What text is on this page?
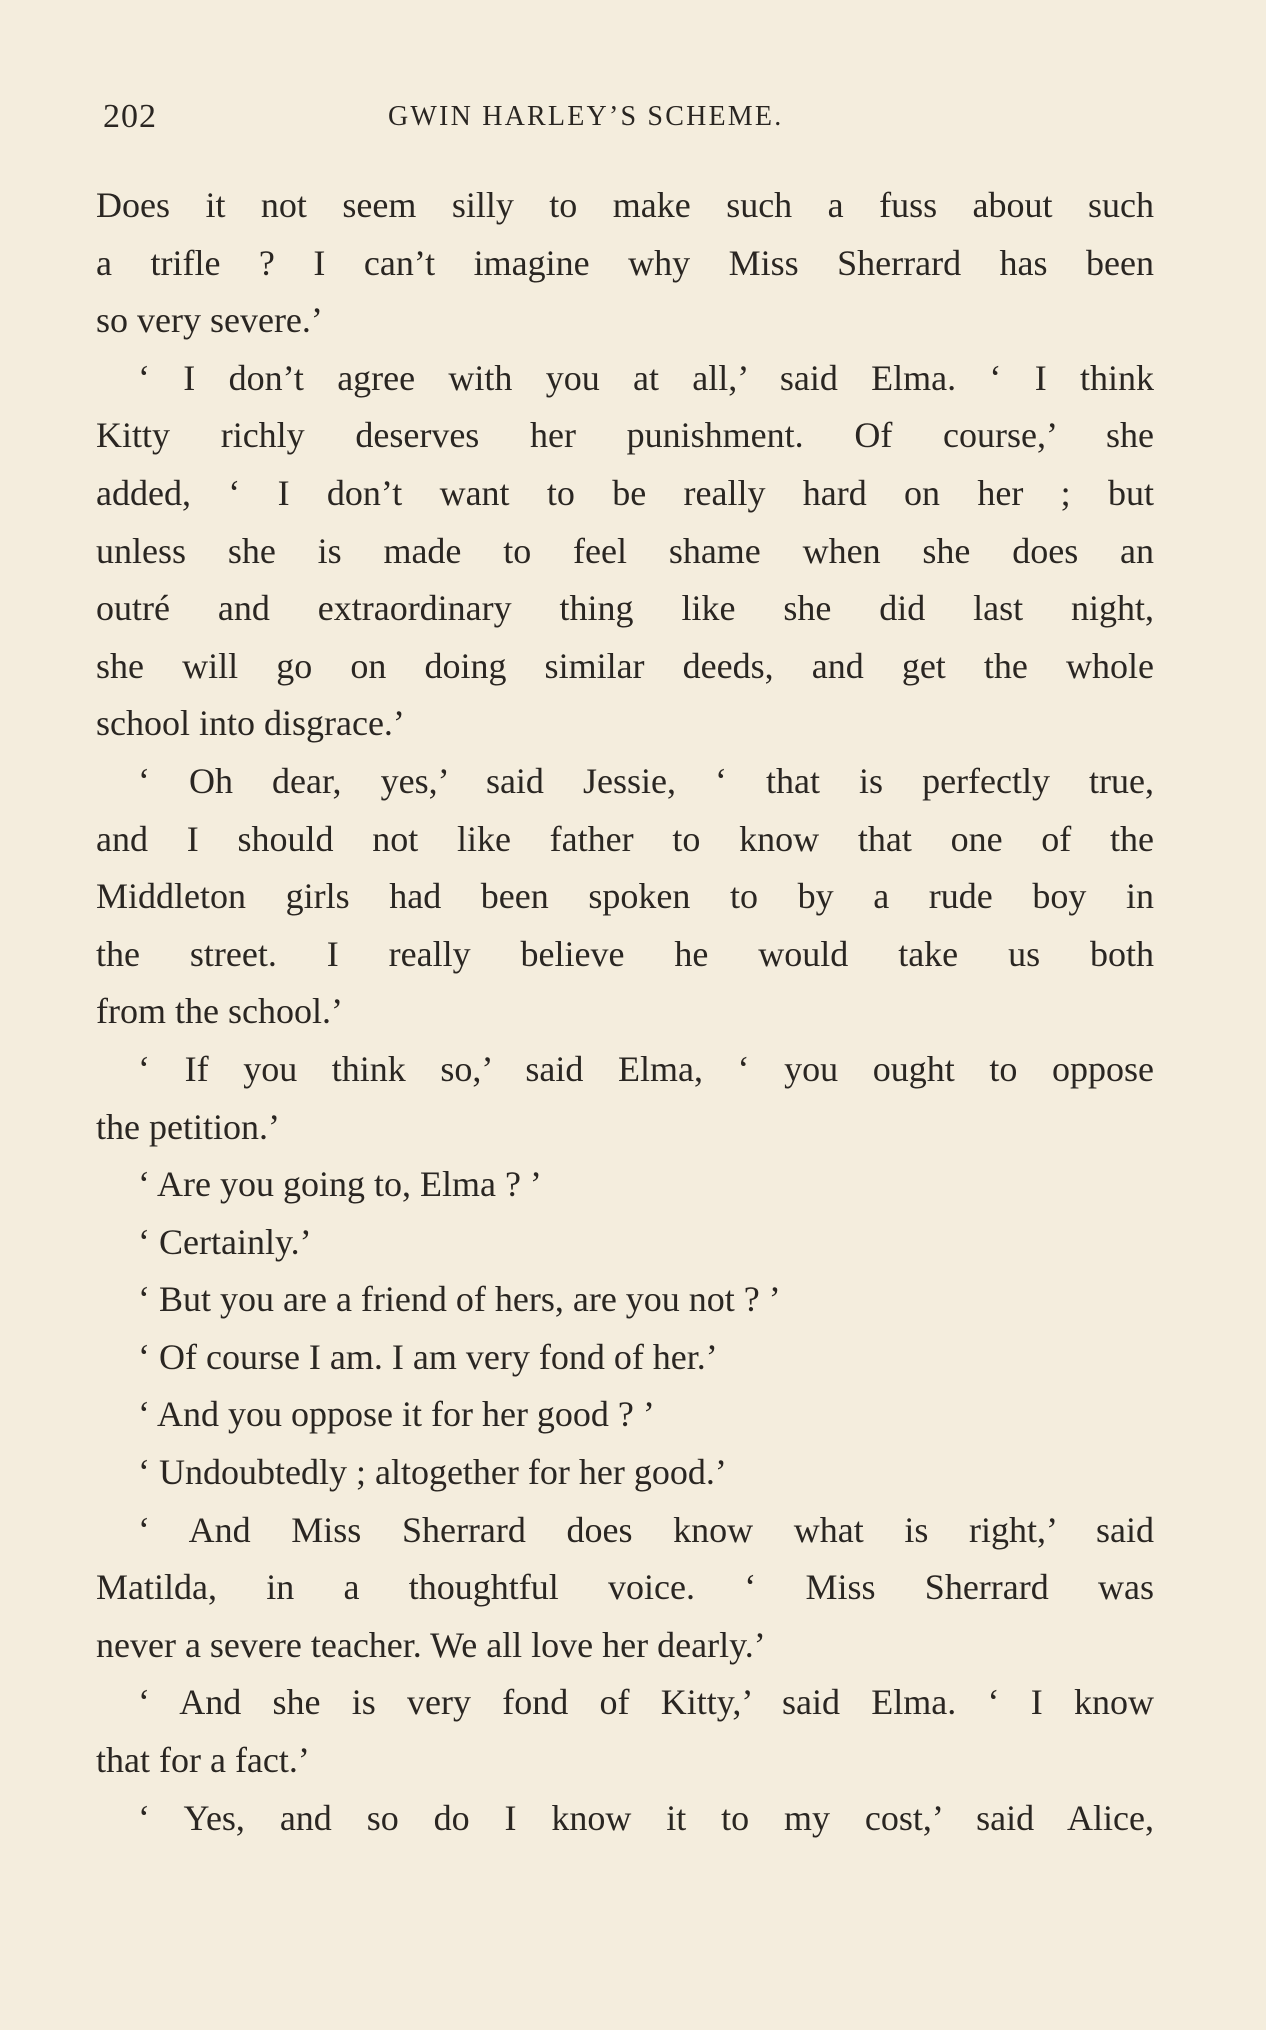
202	GWIN HARLEY’S SCHEME.
Does it not seem silly to make such a fuss about such
a trifle ? I can’t imagine why Miss Sherrard has been
so very severe.’
‘ I don’t agree with you at all,’ said Elma. ‘ I think
Kitty richly deserves her punishment. Of course,’ she
added, ‘ I don’t want to be really hard on her ; but
unless she is made to feel shame when she does an
outré and extraordinary thing like she did last night,
she will go on doing similar deeds, and get the whole
school into disgrace.’
‘ Oh dear, yes,’ said Jessie, ‘ that is perfectly true,
and I should not like father to know that one of the
Middleton girls had been spoken to by a rude boy in
the street. I really believe he would take us both
from the school.’
‘ If you think so,’ said Elma, ‘ you ought to oppose
the petition.’
‘ Are you going to, Elma ? ’
‘ Certainly.’
‘ But you are a friend of hers, are you not ? ’
‘ Of course I am. I am very fond of her.’
‘ And you oppose it for her good ? ’
‘ Undoubtedly ; altogether for her good.’
‘ And Miss Sherrard does know what is right,’ said
Matilda, in a thoughtful voice. ‘ Miss Sherrard was
never a severe teacher. We all love her dearly.’
‘ And she is very fond of Kitty,’ said Elma. ‘ I know
that for a fact.’
‘ Yes, and so do I know it to my cost,’ said Alice,
